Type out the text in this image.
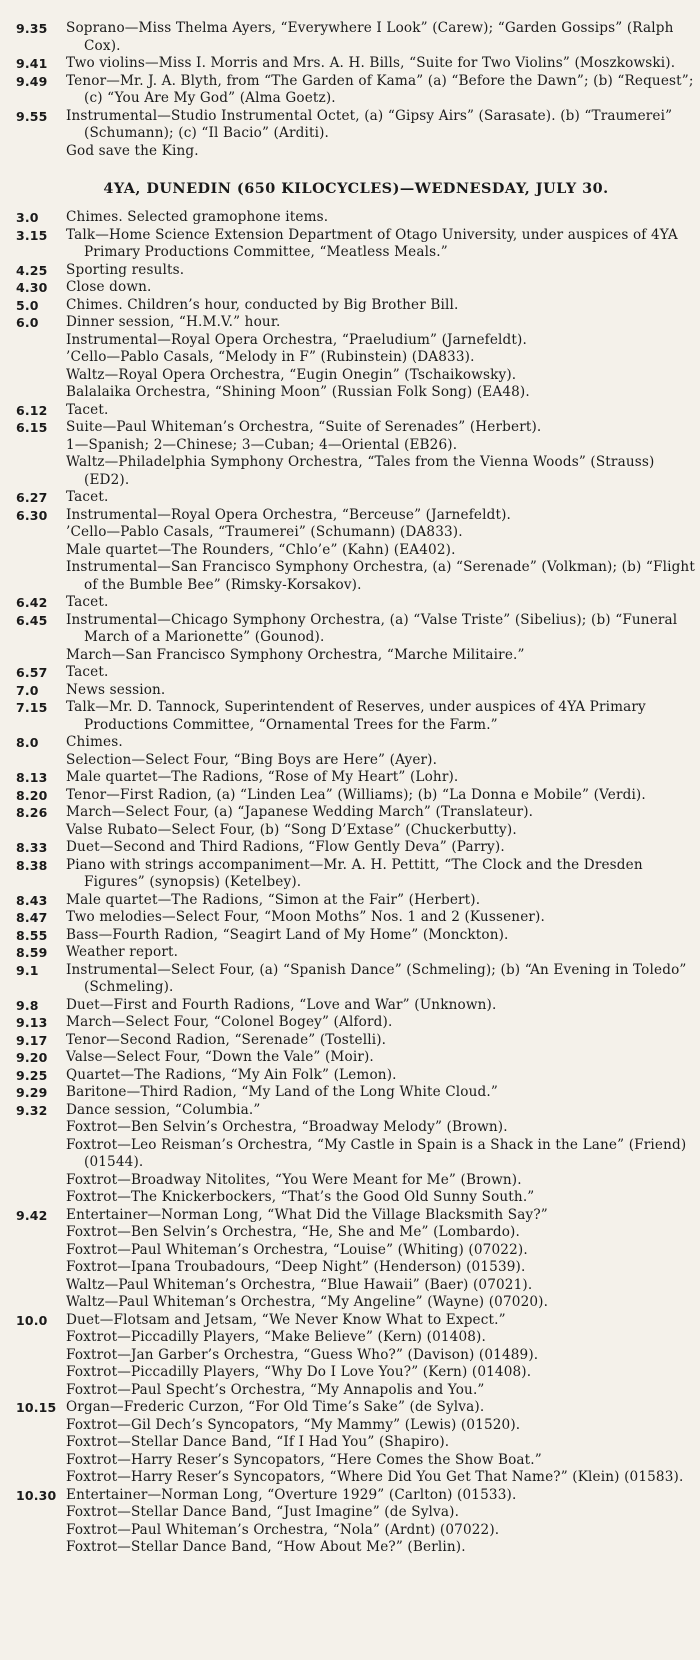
9.35	Soprano—Miss Thelma Ayers, “Everywhere I Look” (Carew); “Garden Gossips” (Ralph Cox).

9.41	Two violins—Miss I. Morris and Mrs. A. H. Bills, “Suite for Two Violins” (Moszkowski).

9.49	Tenor—Mr. J. A. Blyth, from “The Garden of Kama” (a) “Before the Dawn”; (b) “Request”; (c) “You Are My God” (Alma Goetz).

9.55	Instrumental—Studio Instrumental Octet, (a) “Gipsy Airs” (Sarasate). (b) “Traumerei” (Schumann); (c) “Il Bacio” (Arditi).

God save the King.

4YA, DUNEDIN (650 KILOCYCLES)—WEDNESDAY, JULY 30.
3.0	Chimes. Selected gramophone items.

3.15	Talk—Home Science Extension Department of Otago University, under auspices of 4YA Primary Productions Committee, “Meatless Meals.”

4.25	Sporting results.

4.30	Close down.

5.0	Chimes. Children’s hour, conducted by Big Brother Bill.

6.0	Dinner session, “H.M.V.” hour.

Instrumental—Royal Opera Orchestra, “Praeludium” (Jarnefeldt).

’Cello—Pablo Casals, “Melody in F” (Rubinstein) (DA833).

Waltz—Royal Opera Orchestra, “Eugin Onegin” (Tschaikowsky).

Balalaika Orchestra, “Shining Moon” (Russian Folk Song) (EA48).

6.12	Tacet.

6.15	Suite—Paul Whiteman’s Orchestra, “Suite of Serenades” (Herbert).

1—Spanish; 2—Chinese; 3—Cuban; 4—Oriental (EB26).

Waltz—Philadelphia Symphony Orchestra, “Tales from the Vienna Woods” (Strauss) (ED2).

6.27	Tacet.

6.30	Instrumental—Royal Opera Orchestra, “Berceuse” (Jarnefeldt).

’Cello—Pablo Casals, “Traumerei” (Schumann) (DA833).

Male quartet—The Rounders, “Chlo’e” (Kahn) (EA402).

Instrumental—San Francisco Symphony Orchestra, (a) “Serenade” (Volkman); (b) “Flight of the Bumble Bee” (Rimsky-Korsakov).

6.42	Tacet.

6.45	Instrumental—Chicago Symphony Orchestra, (a) “Valse Triste” (Sibelius); (b) “Funeral March of a Marionette” (Gounod).

March—San Francisco Symphony Orchestra, “Marche Militaire.”

6.57	Tacet.

7.0	News session.

7.15	Talk—Mr. D. Tannock, Superintendent of Reserves, under auspices of 4YA Primary Productions Committee, “Ornamental Trees for the Farm.”

8.0	Chimes.

Selection—Select Four, “Bing Boys are Here” (Ayer).

8.13	Male quartet—The Radions, “Rose of My Heart” (Lohr).

8.20	Tenor—First Radion, (a) “Linden Lea” (Williams); (b) “La Donna e Mobile” (Verdi).

8.26	March—Select Four, (a) “Japanese Wedding March” (Translateur).

Valse Rubato—Select Four, (b) “Song D’Extase” (Chuckerbutty).

8.33	Duet—Second and Third Radions, “Flow Gently Deva” (Parry).

8.38	Piano with strings accompaniment—Mr. A. H. Pettitt, “The Clock and the Dresden Figures” (synopsis) (Ketelbey).

8.43	Male quartet—The Radions, “Simon at the Fair” (Herbert).

8.47	Two melodies—Select Four, “Moon Moths” Nos. 1 and 2 (Kussener).

8.55	Bass—Fourth Radion, “Seagirt Land of My Home” (Monckton).

8.59	Weather report.

9.1	Instrumental—Select Four, (a) “Spanish Dance” (Schmeling); (b) “An Evening in Toledo” (Schmeling).

9.8	Duet—First and Fourth Radions, “Love and War” (Unknown).

9.13	March—Select Four, “Colonel Bogey” (Alford).

9.17	Tenor—Second Radion, “Serenade” (Tostelli).

9.20	Valse—Select Four, “Down the Vale” (Moir).

9.25	Quartet—The Radions, “My Ain Folk” (Lemon).

9.29	Baritone—Third Radion, “My Land of the Long White Cloud.”

9.32	Dance session, “Columbia.”

Foxtrot—Ben Selvin’s Orchestra, “Broadway Melody” (Brown).

Foxtrot—Leo Reisman’s Orchestra, “My Castle in Spain is a Shack in the Lane” (Friend) (01544).

Foxtrot—Broadway Nitolites, “You Were Meant for Me” (Brown).

Foxtrot—The Knickerbockers, “That’s the Good Old Sunny South.”

9.42	Entertainer—Norman Long, “What Did the Village Blacksmith Say?”

Foxtrot—Ben Selvin’s Orchestra, “He, She and Me” (Lombardo).

Foxtrot—Paul Whiteman’s Orchestra, “Louise” (Whiting) (07022).

Foxtrot—Ipana Troubadours, “Deep Night” (Henderson) (01539).

Waltz—Paul Whiteman’s Orchestra, “Blue Hawaii” (Baer) (07021).

Waltz—Paul Whiteman’s Orchestra, “My Angeline” (Wayne) (07020).

10.0	Duet—Flotsam and Jetsam, “We Never Know What to Expect.”

Foxtrot—Piccadilly Players, “Make Believe” (Kern) (01408).

Foxtrot—Jan Garber’s Orchestra, “Guess Who?” (Davison) (01489).

Foxtrot—Piccadilly Players, “Why Do I Love You?” (Kern) (01408).

Foxtrot—Paul Specht’s Orchestra, “My Annapolis and You.”

10.15 Organ—Frederic Curzon, “For Old Time’s Sake” (de Sylva).

Foxtrot—Gil Dech’s Syncopators, “My Mammy” (Lewis) (01520).

Foxtrot—Stellar Dance Band, “If I Had You” (Shapiro).

Foxtrot—Harry Reser’s Syncopators, “Here Comes the Show Boat.”

Foxtrot—Harry Reser’s Syncopators, “Where Did You Get That Name?” (Klein) (01583).

10.30 Entertainer—Norman Long, “Overture 1929” (Carlton) (01533).

Foxtrot—Stellar Dance Band, “Just Imagine” (de Sylva).

Foxtrot—Paul Whiteman’s Orchestra, “Nola” (Ardnt) (07022).

Foxtrot—Stellar Dance Band, “How About Me?” (Berlin).
